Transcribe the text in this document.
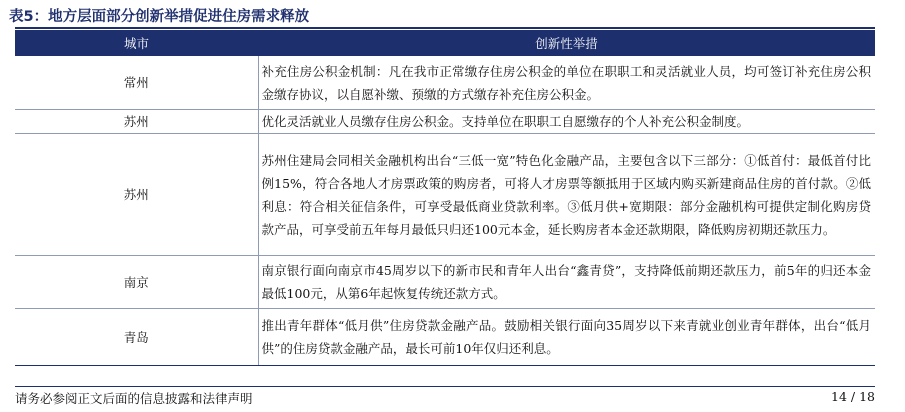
表5：地方层面部分创新举措促进住房需求释放
城市	创新性举措
常州	补充住房公积金机制：凡在我市正常缴存住房公积金的单位在职职工和灵活就业人员，均可签订补充住房公积金缴存协议，以自愿补缴、预缴的方式缴存补充住房公积金。
苏州	优化灵活就业人员缴存住房公积金。支持单位在职职工自愿缴存的个人补充公积金制度。
苏州	苏州住建局会同相关金融机构出台“三低一宽”特色化金融产品，主要包含以下三部分：①低首付：最低首付比例15%，符合各地人才房票政策的购房者，可将人才房票等额抵用于区域内购买新建商品住房的首付款。②低利息：符合相关征信条件，可享受最低商业贷款利率。③低月供+宽期限：部分金融机构可提供定制化购房贷款产品，可享受前五年每月最低只归还100元本金，延长购房者本金还款期限，降低购房初期还款压力。
南京	南京银行面向南京市45周岁以下的新市民和青年人出台“鑫青贷”，支持降低前期还款压力，前5年的归还本金最低100元，从第6年起恢复传统还款方式。
青岛	推出青年群体“低月供”住房贷款金融产品。鼓励相关银行面向35周岁以下来青就业创业青年群体，出台“低月供”的住房贷款金融产品，最长可前10年仅归还利息。
请务必参阅正文后面的信息披露和法律声明	14 / 18
